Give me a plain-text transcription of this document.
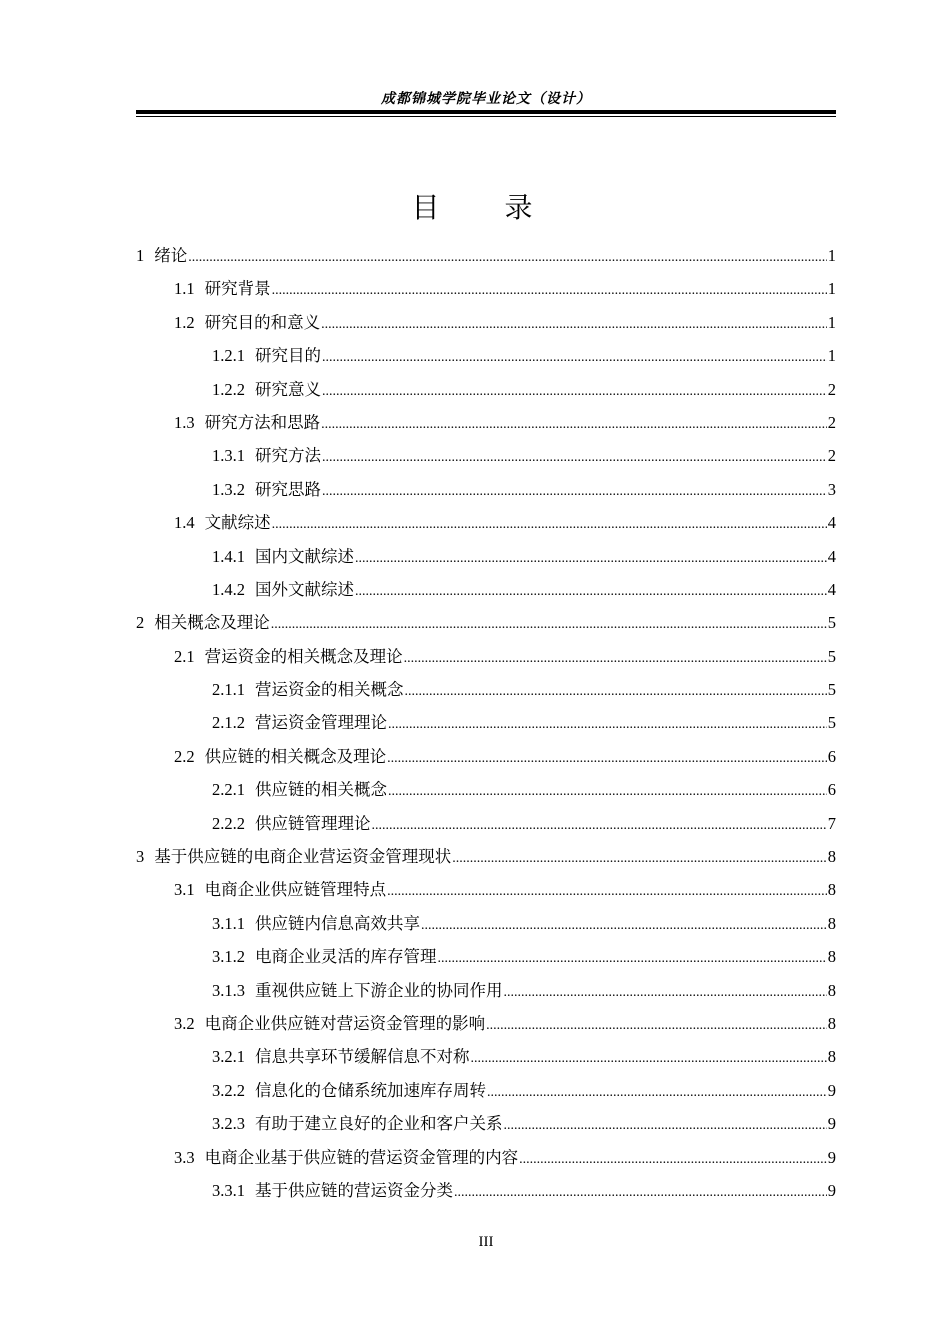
成都锦城学院毕业论文（设计）
目 录
1 绪论 .....	1
1.1 研究背景 .....	1
1.2 研究目的和意义 .....	1
1.2.1 研究目的 .....	1
1.2.2 研究意义 .....	2
1.3 研究方法和思路 .....	2
1.3.1 研究方法 .....	2
1.3.2 研究思路 .....	3
1.4 文献综述 .....	4
1.4.1 国内文献综述 .....	4
1.4.2 国外文献综述 .....	4
2 相关概念及理论 .....	5
2.1 营运资金的相关概念及理论 .....	5
2.1.1 营运资金的相关概念 .....	5
2.1.2 营运资金管理理论 .....	5
2.2 供应链的相关概念及理论 .....	6
2.2.1 供应链的相关概念 .....	6
2.2.2 供应链管理理论 .....	7
3 基于供应链的电商企业营运资金管理现状 .....	8
3.1 电商企业供应链管理特点 .....	8
3.1.1 供应链内信息高效共享 .....	8
3.1.2 电商企业灵活的库存管理 .....	8
3.1.3 重视供应链上下游企业的协同作用 .....	8
3.2 电商企业供应链对营运资金管理的影响 .....	8
3.2.1 信息共享环节缓解信息不对称 .....	8
3.2.2 信息化的仓储系统加速库存周转 .....	9
3.2.3 有助于建立良好的企业和客户关系 .....	9
3.3 电商企业基于供应链的营运资金管理的内容 .....	9
3.3.1 基于供应链的营运资金分类 .....	9
III
